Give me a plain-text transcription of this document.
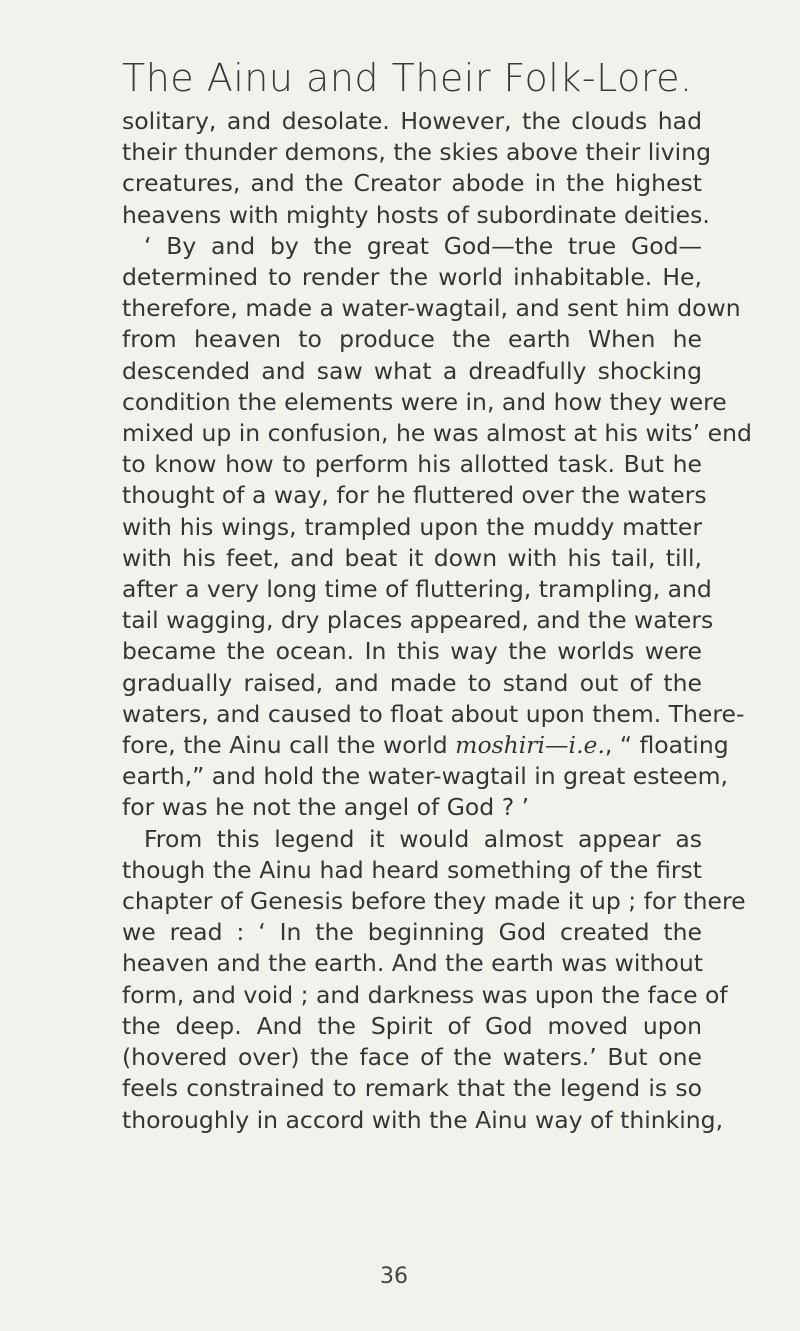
The Ainu and Their Folk-Lore.
solitary, and desolate. However, the clouds had
their thunder demons, the skies above their living
creatures, and the Creator abode in the highest
heavens with mighty hosts of subordinate deities.
‘ By and by the great God—the true God—
determined to render the world inhabitable. He,
therefore, made a water-wagtail, and sent him down
from heaven to produce the earth When he
descended and saw what a dreadfully shocking
condition the elements were in, and how they were
mixed up in confusion, he was almost at his wits’ end
to know how to perform his allotted task. But he
thought of a way, for he fluttered over the waters
with his wings, trampled upon the muddy matter
with his feet, and beat it down with his tail, till,
after a very long time of fluttering, trampling, and
tail wagging, dry places appeared, and the waters
became the ocean. In this way the worlds were
gradually raised, and made to stand out of the
waters, and caused to float about upon them. There-
fore, the Ainu call the world moshiri—i.e., “ floating
earth,” and hold the water-wagtail in great esteem,
for was he not the angel of God ? ’
From this legend it would almost appear as
though the Ainu had heard something of the first
chapter of Genesis before they made it up ; for there
we read : ‘ In the beginning God created the
heaven and the earth. And the earth was without
form, and void ; and darkness was upon the face of
the deep. And the Spirit of God moved upon
(hovered over) the face of the waters.’ But one
feels constrained to remark that the legend is so
thoroughly in accord with the Ainu way of thinking,
36
